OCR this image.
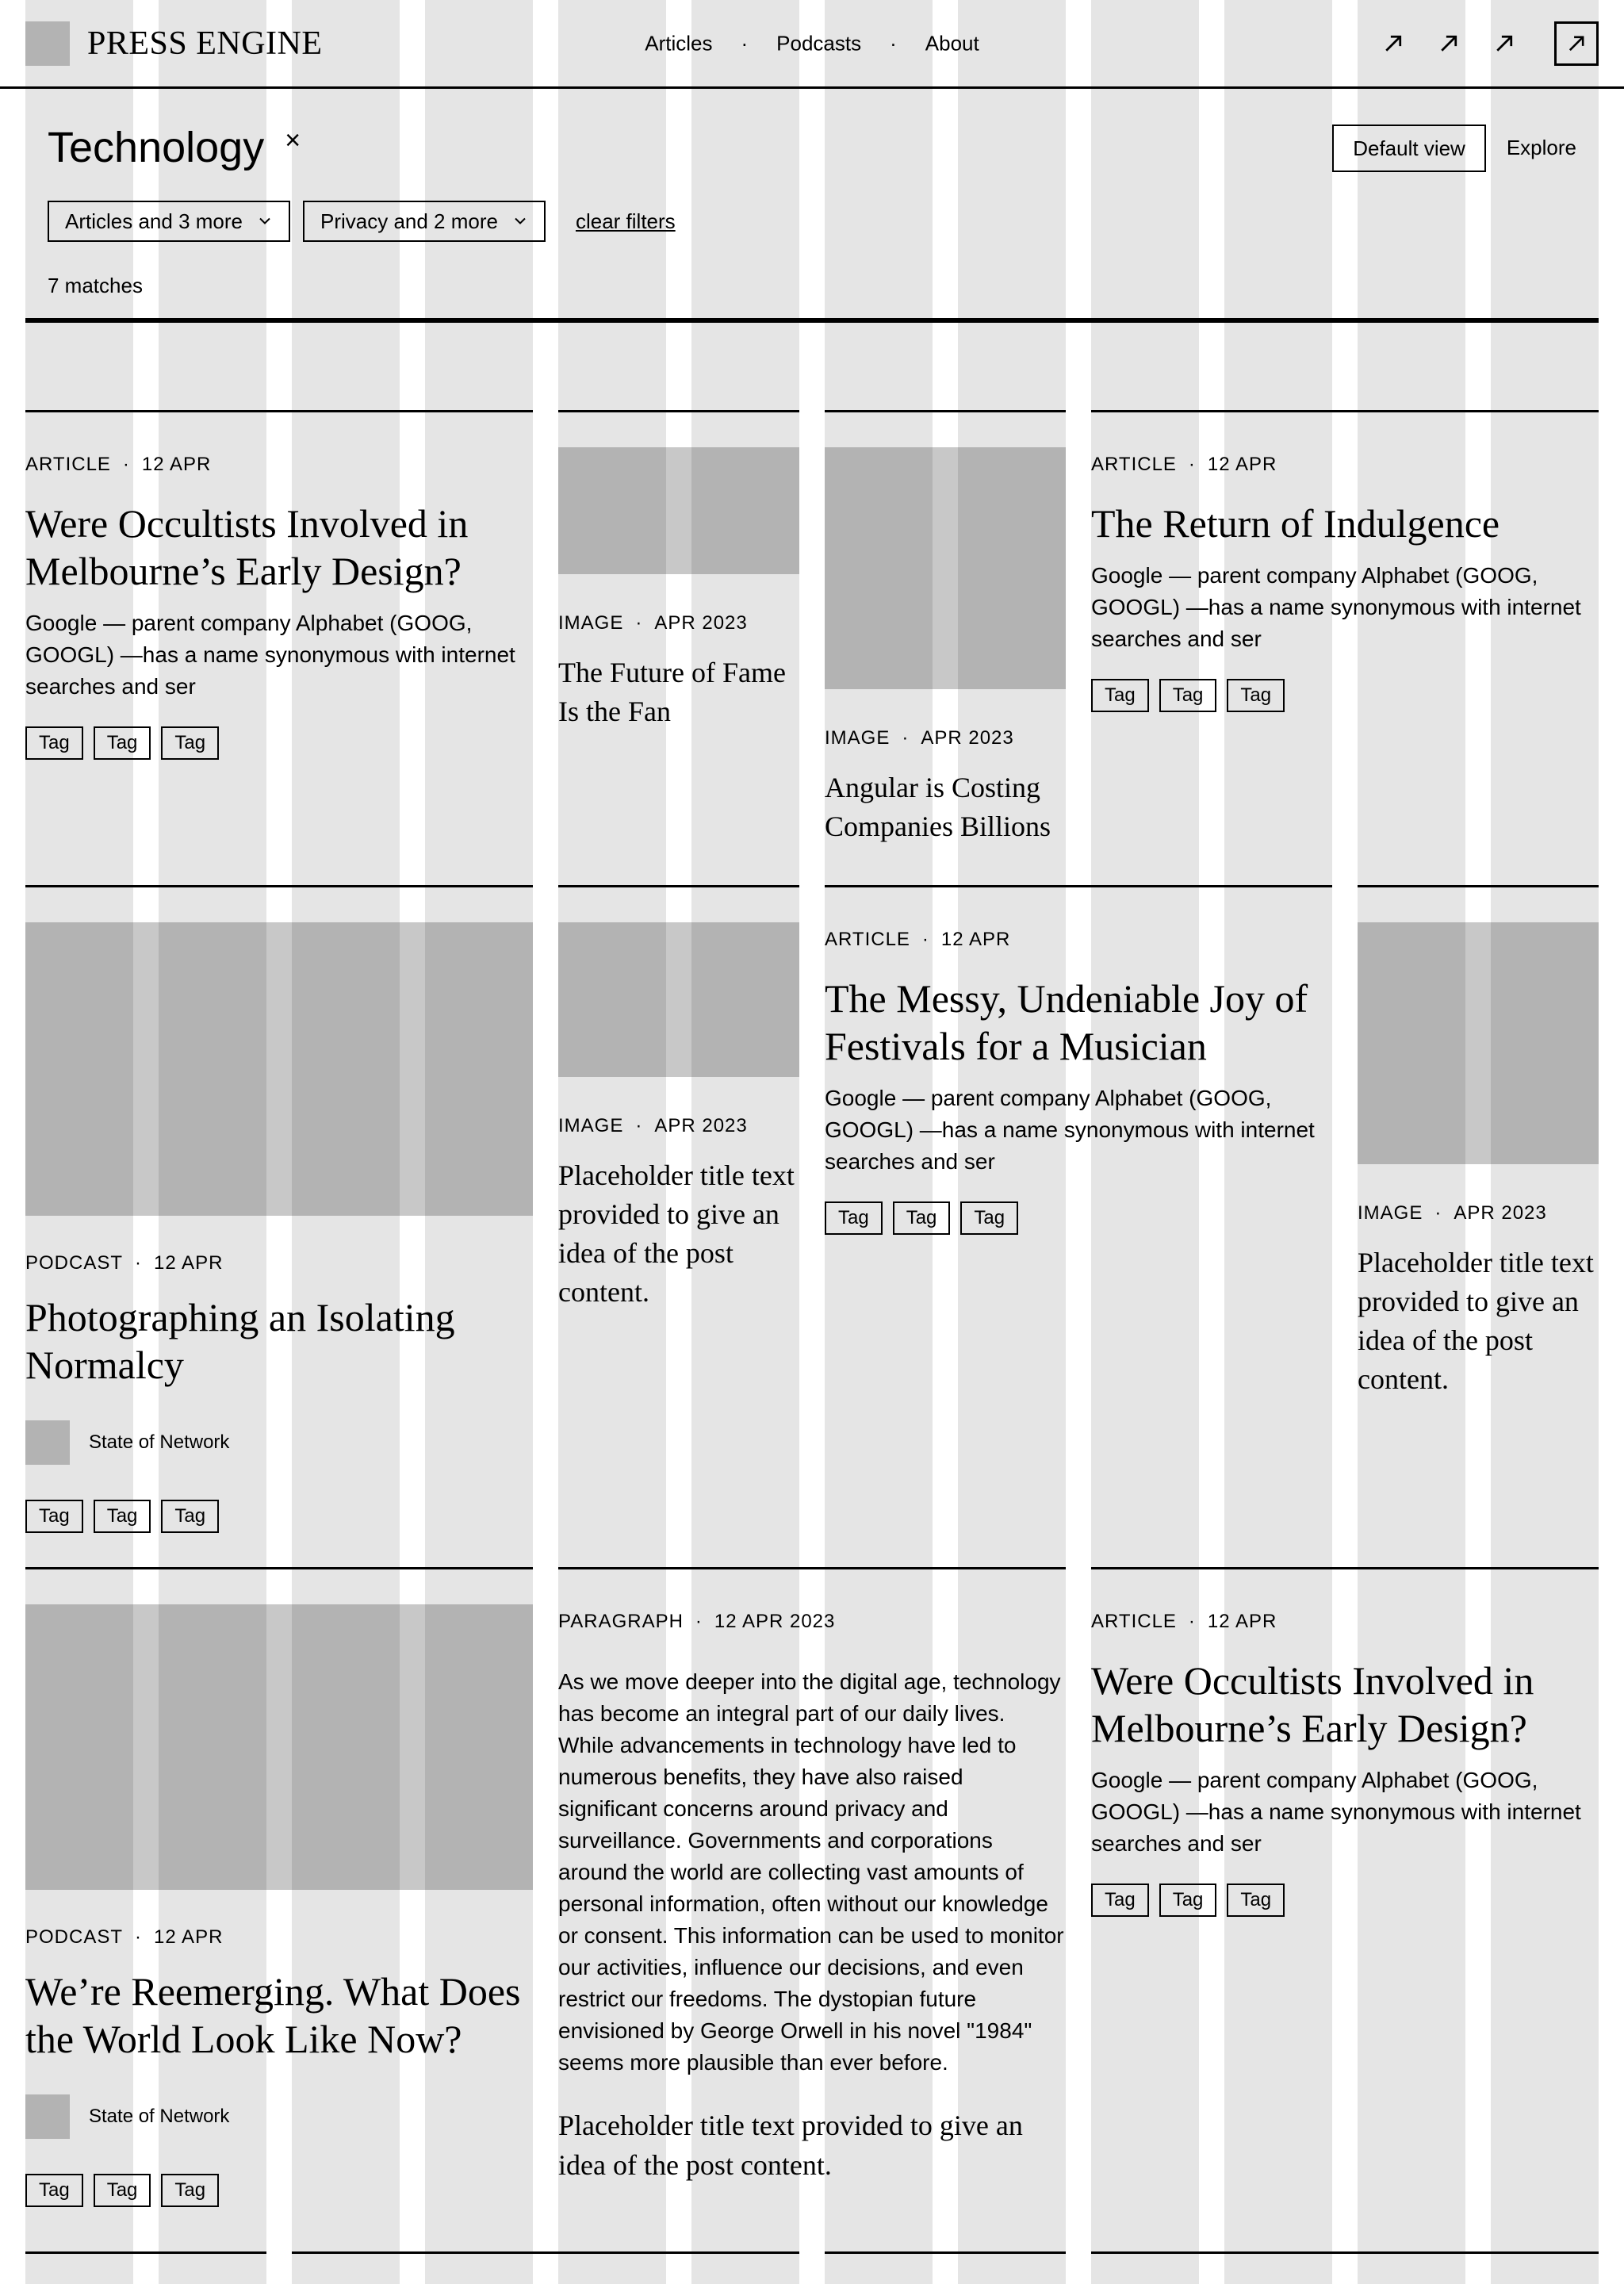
PRESS ENGINE	Articles · Podcasts · About
Technology ×	Default view	Explore
Articles and 3 more	Privacy and 2 more	clear filters

7 matches

ARTICLE · 12 APR
Were Occultists Involved in Melbourne’s Early Design?

Google — parent company Alphabet (GOOG, GOOGL) —has a name synonymous with internet searches and ser

Tag	Tag	Tag
IMAGE · APR 2023
The Future of Fame Is the Fan
IMAGE · APR 2023
Angular is Costing Companies Billions
ARTICLE · 12 APR
The Return of Indulgence

Google — parent company Alphabet (GOOG, GOOGL) —has a name synonymous with internet searches and ser

Tag	Tag	Tag
PODCAST · 12 APR
Photographing an Isolating Normalcy
State of Network
Tag	Tag	Tag
IMAGE · APR 2023
Placeholder title text provided to give an idea of the post content.
ARTICLE · 12 APR
The Messy, Undeniable Joy of Festivals for a Musician

Google — parent company Alphabet (GOOG, GOOGL) —has a name synonymous with internet searches and ser

Tag	Tag	Tag	IMAGE · APR 2023
Placeholder title text provided to give an idea of the post content.
PODCAST · 12 APR
We’re Reemerging. What Does the World Look Like Now?
State of Network
Tag	Tag	Tag
PARAGRAPH · 12 APR 2023

As we move deeper into the digital age, technology has become an integral part of our daily lives. While advancements in technology have led to numerous benefits, they have also raised significant concerns around privacy and surveillance. Governments and corporations around the world are collecting vast amounts of personal information, often without our knowledge or consent. This information can be used to monitor our activities, influence our decisions, and even restrict our freedoms. The dystopian future envisioned by George Orwell in his novel "1984" seems more plausible than ever before.

Placeholder title text provided to give an idea of the post content.
ARTICLE · 12 APR
Were Occultists Involved in Melbourne’s Early Design?

Google — parent company Alphabet (GOOG, GOOGL) —has a name synonymous with internet searches and ser

Tag	Tag	Tag
